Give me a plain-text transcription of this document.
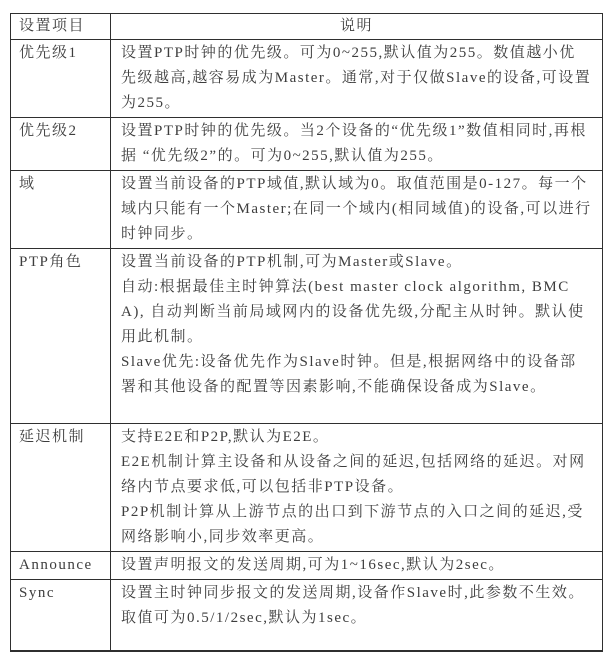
设置项目	说明
优先级1	设置PTP时钟的优先级。可为0~255,默认值为255。数值越小优先级越高,越容易成为Master。通常,对于仅做Slave的设备,可设置为255。

优先级2	设置PTP时钟的优先级。当2个设备的“优先级1”数值相同时,再根据 “优先级2”的。可为0~255,默认值为255。

域	设置当前设备的PTP域值,默认域为0。取值范围是0-127。每一个域内只能有一个Master;在同一个域内(相同域值)的设备,可以进行时钟同步。

PTP角色	设置当前设备的PTP机制,可为Master或Slave。
自动:根据最佳主时钟算法(best master clock algorithm, BMCA), 自动判断当前局域网内的设备优先级,分配主从时钟。默认使用此机制。
Slave优先:设备优先作为Slave时钟。但是,根据网络中的设备部署和其他设备的配置等因素影响,不能确保设备成为Slave。

延迟机制	支持E2E和P2P,默认为E2E。
E2E机制计算主设备和从设备之间的延迟,包括网络的延迟。对网络内节点要求低,可以包括非PTP设备。
P2P机制计算从上游节点的出口到下游节点的入口之间的延迟,受网络影响小,同步效率更高。

Announce	设置声明报文的发送周期,可为1~16sec,默认为2sec。

Sync	设置主时钟同步报文的发送周期,设备作Slave时,此参数不生效。取值可为0.5/1/2sec,默认为1sec。
